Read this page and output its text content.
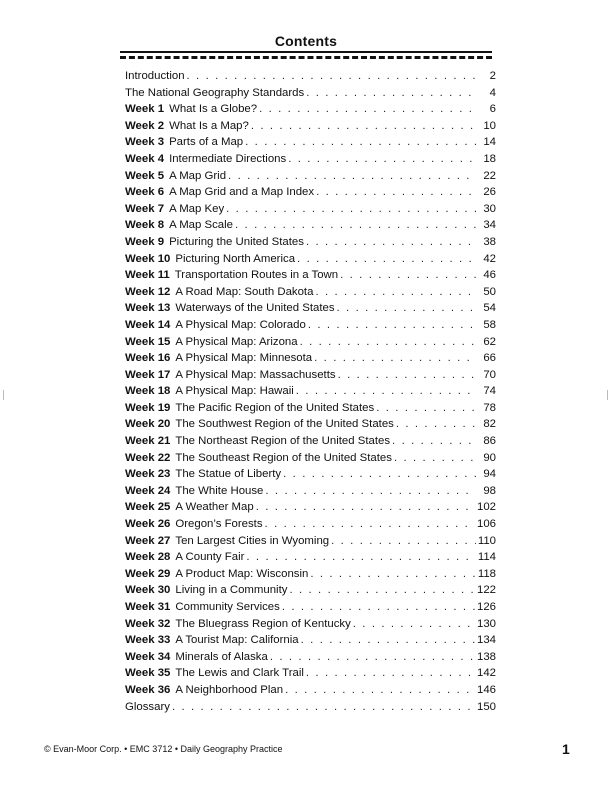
Contents
Introduction . . .	2
The National Geography Standards . . .	4
Week 1 What Is a Globe? . . .	6
Week 2 What Is a Map? . . .	10
Week 3 Parts of a Map . . .	14
Week 4 Intermediate Directions . . .	18
Week 5 A Map Grid . . .	22
Week 6 A Map Grid and a Map Index . . .	26
Week 7 A Map Key . . .	30
Week 8 A Map Scale . . .	34
Week 9 Picturing the United States . . .	38
Week 10 Picturing North America . . .	42
Week 11 Transportation Routes in a Town . . .	46
Week 12 A Road Map: South Dakota . . .	50
Week 13 Waterways of the United States . . .	54
Week 14 A Physical Map: Colorado . . .	58
Week 15 A Physical Map: Arizona . . .	62
Week 16 A Physical Map: Minnesota . . .	66
Week 17 A Physical Map: Massachusetts . . .	70
Week 18 A Physical Map: Hawaii . . .	74
Week 19 The Pacific Region of the United States . . .	78
Week 20 The Southwest Region of the United States . . .	82
Week 21 The Northeast Region of the United States . . .	86
Week 22 The Southeast Region of the United States . . .	90
Week 23 The Statue of Liberty . . .	94
Week 24 The White House . . .	98
Week 25 A Weather Map . . .	102
Week 26 Oregon’s Forests . . .	106
Week 27 Ten Largest Cities in Wyoming . . .	110
Week 28 A County Fair . . .	114
Week 29 A Product Map: Wisconsin . . .	118
Week 30 Living in a Community . . .	122
Week 31 Community Services . . .	126
Week 32 The Bluegrass Region of Kentucky . . .	130
Week 33 A Tourist Map: California . . .	134
Week 34 Minerals of Alaska . . .	138
Week 35 The Lewis and Clark Trail . . .	142
Week 36 A Neighborhood Plan . . .	146
Glossary . . .	150
© Evan-Moor Corp. • EMC 3712 • Daily Geography Practice	1
